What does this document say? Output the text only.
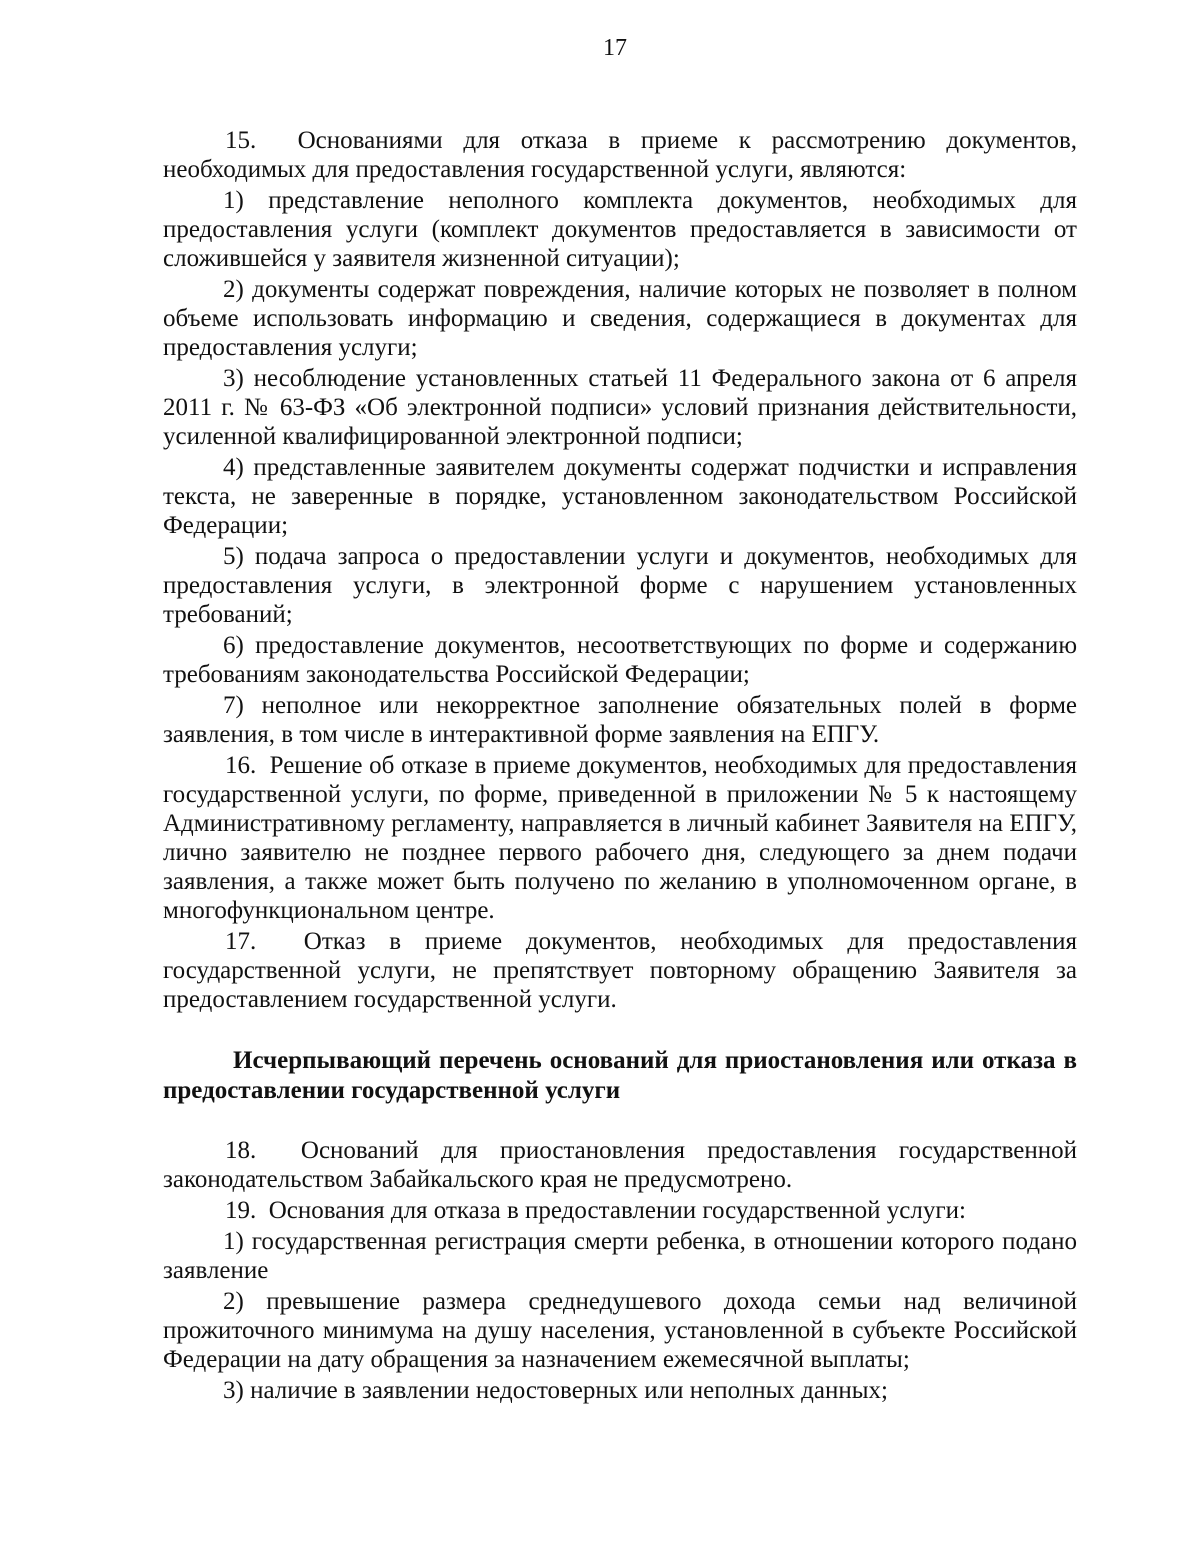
17

15.  Основаниями для отказа в приеме к рассмотрению документов, необходимых для предоставления государственной услуги, являются:

1) представление неполного комплекта документов, необходимых для предоставления услуги (комплект документов предоставляется в зависимости от сложившейся у заявителя жизненной ситуации);

2) документы содержат повреждения, наличие которых не позволяет в полном объеме использовать информацию и сведения, содержащиеся в документах для предоставления услуги;

3) несоблюдение установленных статьей 11 Федерального закона от 6 апреля 2011 г. № 63-ФЗ «Об электронной подписи» условий признания действительности, усиленной квалифицированной электронной подписи;

4) представленные заявителем документы содержат подчистки и исправления текста, не заверенные в порядке, установленном законодательством Российской Федерации;

5) подача запроса о предоставлении услуги и документов, необходимых для предоставления услуги, в электронной форме с нарушением установленных требований;

6) предоставление документов, несоответствующих по форме и содержанию требованиям законодательства Российской Федерации;

7) неполное или некорректное заполнение обязательных полей в форме заявления, в том числе в интерактивной форме заявления на ЕПГУ.

16.  Решение об отказе в приеме документов, необходимых для предоставления государственной услуги, по форме, приведенной в приложении № 5 к настоящему Административному регламенту, направляется в личный кабинет Заявителя на ЕПГУ, лично заявителю не позднее первого рабочего дня, следующего за днем подачи заявления, а также может быть получено по желанию в уполномоченном органе, в многофункциональном центре.

17.  Отказ в приеме документов, необходимых для предоставления государственной услуги, не препятствует повторному обращению Заявителя за предоставлением государственной услуги.

Исчерпывающий перечень оснований для приостановления или отказа в предоставлении государственной услуги

18.  Оснований для приостановления предоставления государственной законодательством Забайкальского края не предусмотрено.

19.  Основания для отказа в предоставлении государственной услуги:

1) государственная регистрация смерти ребенка, в отношении которого подано заявление

2) превышение размера среднедушевого дохода семьи над величиной прожиточного минимума на душу населения, установленной в субъекте Российской Федерации на дату обращения за назначением ежемесячной выплаты;

3) наличие в заявлении недостоверных или неполных данных;
